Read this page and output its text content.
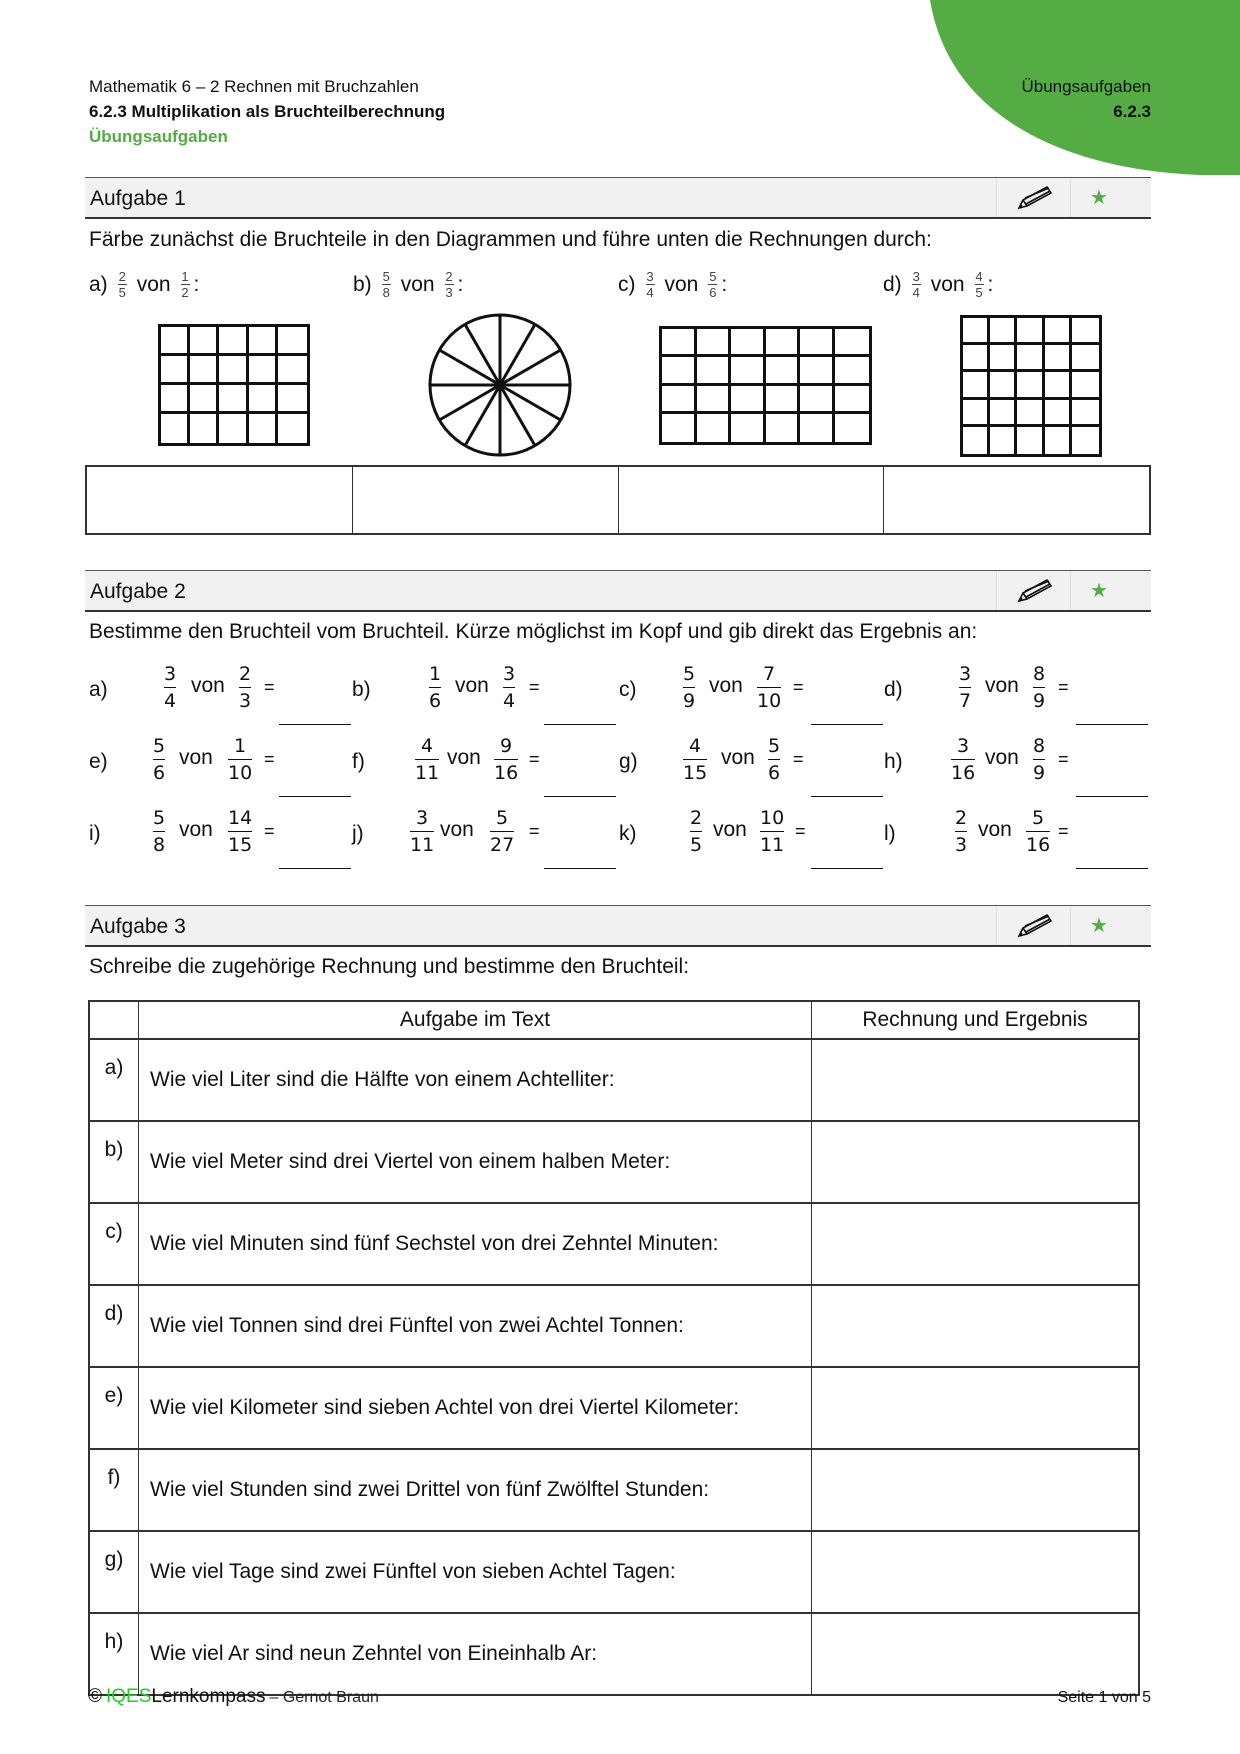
Mathematik 6 – 2 Rechnen mit Bruchzahlen
6.2.3 Multiplikation als Bruchteilberechnung
Übungsaufgaben
Übungsaufgaben
6.2.3
Aufgabe 1	★
Färbe zunächst die Bruchteile in den Diagrammen und führe unten die Rechnungen durch:
a) 2
5 von 1
2 :	b) 5
8 von 2
3 :	c) 3
4 von 5
6 :	d) 3
4 von 4
5 :
Aufgabe 2	★
Bestimme den Bruchteil vom Bruchteil. Kürze möglichst im Kopf und gib direkt das Ergebnis an:
a)
3
4
von 2
3
=	b)
1
6
von 3
4
=	c)
5
9
von 7
10
=	d)
3
7
von 8
9
=
e)
5
6
von 1
10
=	f)
4
11
von 9
16
=	g)
4
15
von 5
6
=	h)
3
16
von 8
9
=
i)
5
8
von 14
15
=	j)
3
11
von 5
27
=	k)
2
5
von 10
11
=	l)
2
3
von 5
16
=
Aufgabe 3	★
Schreibe die zugehörige Rechnung und bestimme den Bruchteil:
	Aufgabe im Text	Rechnung und Ergebnis
a)	Wie viel Liter sind die Hälfte von einem Achtelliter:	
b)	Wie viel Meter sind drei Viertel von einem halben Meter:	
c)	Wie viel Minuten sind fünf Sechstel von drei Zehntel Minuten:	
d)	Wie viel Tonnen sind drei Fünftel von zwei Achtel Tonnen:	
e)	Wie viel Kilometer sind sieben Achtel von drei Viertel Kilometer:	
f)	Wie viel Stunden sind zwei Drittel von fünf Zwölftel Stunden:	
g)	Wie viel Tage sind zwei Fünftel von sieben Achtel Tagen:	
h)	Wie viel Ar sind neun Zehntel von Eineinhalb Ar:	
© IQESLernkompass – Gernot Braun	Seite 1 von 5
